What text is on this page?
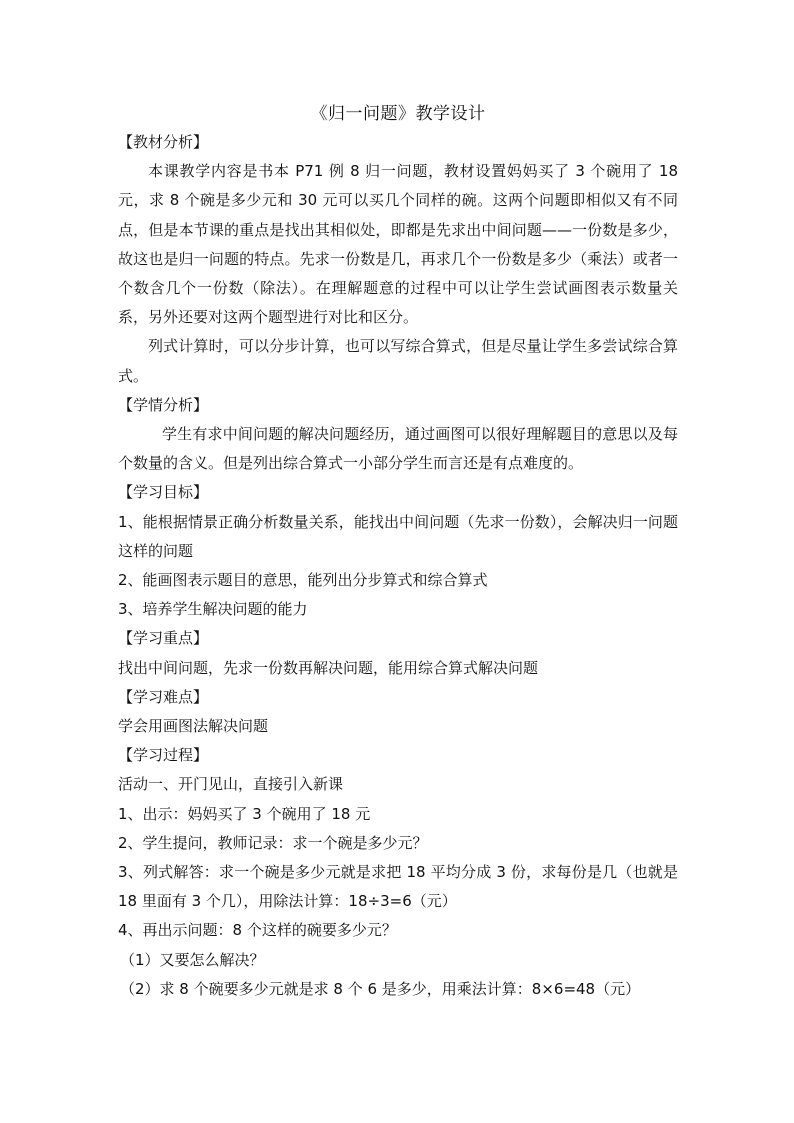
《归一问题》教学设计

【教材分析】

本课教学内容是书本 P71 例 8 归一问题，教材设置妈妈买了 3 个碗用了 18 元，求 8 个碗是多少元和 30 元可以买几个同样的碗。这两个问题即相似又有不同点，但是本节课的重点是找出其相似处，即都是先求出中间问题——一份数是多少，故这也是归一问题的特点。先求一份数是几，再求几个一份数是多少（乘法）或者一个数含几个一份数（除法）。在理解题意的过程中可以让学生尝试画图表示数量关系，另外还要对这两个题型进行对比和区分。

列式计算时，可以分步计算，也可以写综合算式，但是尽量让学生多尝试综合算式。

【学情分析】

学生有求中间问题的解决问题经历，通过画图可以很好理解题目的意思以及每个数量的含义。但是列出综合算式一小部分学生而言还是有点难度的。

【学习目标】

1、能根据情景正确分析数量关系，能找出中间问题（先求一份数），会解决归一问题这样的问题

2、能画图表示题目的意思，能列出分步算式和综合算式

3、培养学生解决问题的能力

【学习重点】

找出中间问题，先求一份数再解决问题，能用综合算式解决问题

【学习难点】

学会用画图法解决问题

【学习过程】

活动一、开门见山，直接引入新课

1、出示：妈妈买了 3 个碗用了 18 元

2、学生提问，教师记录：求一个碗是多少元？

3、列式解答：求一个碗是多少元就是求把 18 平均分成 3 份，求每份是几（也就是 18 里面有 3 个几），用除法计算：18÷3=6（元）

4、再出示问题：8 个这样的碗要多少元？

（1）又要怎么解决？

（2）求 8 个碗要多少元就是求 8 个 6 是多少，用乘法计算：8×6=48（元）
